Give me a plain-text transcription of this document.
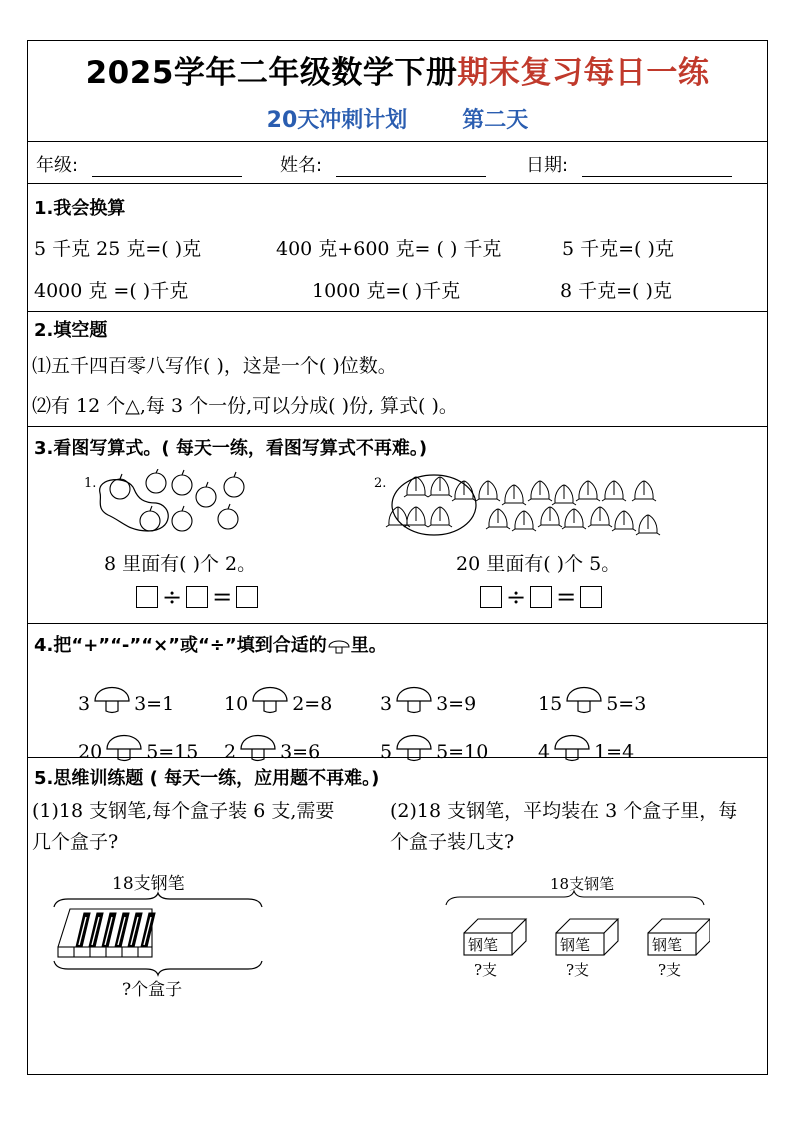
2025学年二年级数学下册期末复习每日一练
20天冲刺计划	第二天
年级:	姓名:	日期:
1.我会换算
5 千克 25 克=( )克	400 克+600 克= ( ) 千克	5 千克=( )克
4000 克 =( )千克	1000 克=( )千克	8 千克=( )克
2.填空题
⑴五千四百零八写作( )，这是一个( )位数。
⑵有 12 个△,每 3 个一份,可以分成( )份, 算式( )。
3.看图写算式。( 每天一练，看图写算式不再难。)
1.	2.
8 里面有( )个 2。	20 里面有( )个 5。
÷ =	÷ =
4.把“+”“-”“×”或“÷”填到合适的 里。
3 3=1	10 2=8	3 3=9	15 5=3
20 5=15 2 3=6	5 5=10	4 1=4
5.思维训练题 ( 每天一练，应用题不再难。)
(1)18 支钢笔,每个盒子装 6 支,需要
几个盒子?
(2)18 支钢笔，平均装在 3 个盒子里，每
个盒子装几支?
18支钢笔
?个盒子
18支钢笔
钢笔
?支
钢笔
?支
钢笔
?支
